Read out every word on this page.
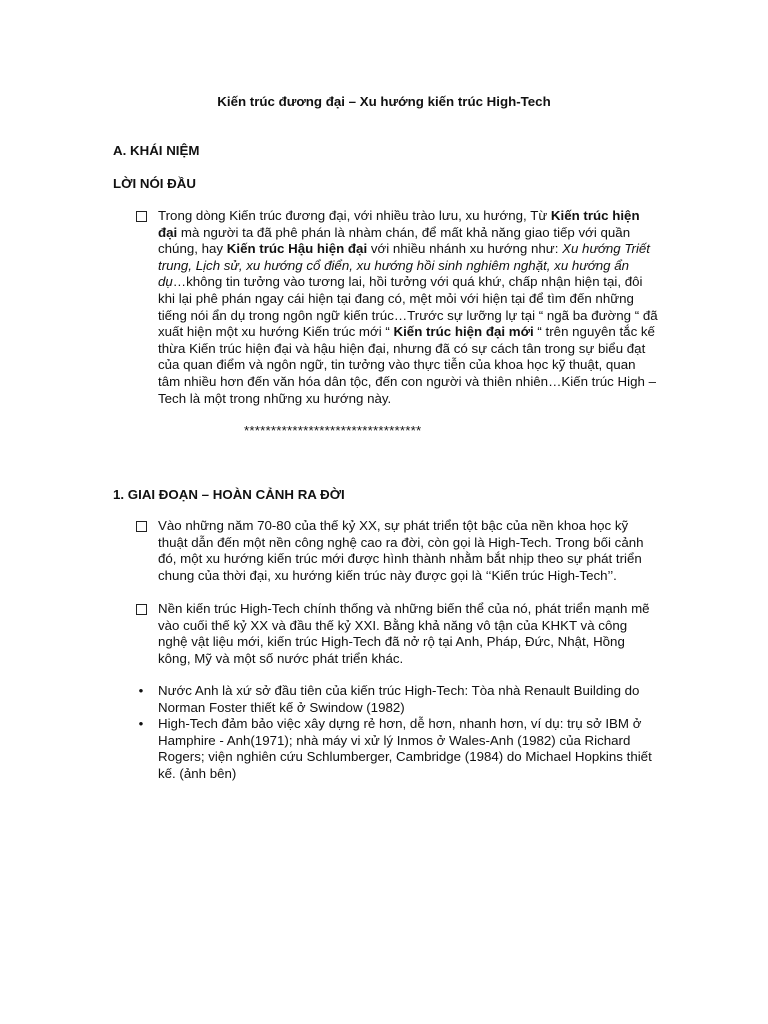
Kiến trúc đương đại – Xu hướng kiến trúc High-Tech
A. KHÁI NIỆM
LỜI NÓI ĐẦU
Trong dòng Kiến trúc đương đại, với nhiều trào lưu, xu hướng, Từ Kiến trúc hiện đại mà người ta đã phê phán là nhàm chán, để mất khả năng giao tiếp với quần chúng, hay Kiến trúc Hậu hiện đại với nhiều nhánh xu hướng như: Xu hướng Triết trung, Lịch sử, xu hướng cổ điển, xu hướng hồi sinh nghiêm nghặt, xu hướng ẩn dụ…không tin tưởng vào tương lai, hồi tưởng với quá khứ, chấp nhận hiện tại, đôi khi lại phê phán ngay cái hiện tại đang có, mệt mỏi với hiện tại để tìm đến những tiếng nói ẩn dụ trong ngôn ngữ kiến trúc…Trước sự lưỡng lự tại “ ngã ba đường “ đã xuất hiện một xu hướng Kiến trúc mới “ Kiến trúc hiện đại mới “ trên nguyên tắc kế thừa Kiến trúc hiện đại và hậu hiện đại, nhưng đã có sự cách tân trong sự biểu đạt của quan điểm và ngôn ngữ, tin tưởng vào thực tiễn của khoa học kỹ thuật, quan tâm nhiều hơn đến văn hóa dân tộc, đến con người và thiên nhiên…Kiến trúc High – Tech là một trong những xu hướng này.
*********************************
1. GIAI ĐOẠN – HOÀN CẢNH RA ĐỜI
Vào những năm 70-80 của thế kỷ XX, sự phát triển tột bậc của nền khoa học kỹ thuật dẫn đến một nền công nghệ cao ra đời, còn gọi là High-Tech. Trong bối cảnh đó, một xu hướng kiến trúc mới được hình thành nhằm bắt nhịp theo sự phát triển chung của thời đại, xu hướng kiến trúc này được gọi là ‘‘Kiến trúc High-Tech’’.
Nền kiến trúc High-Tech chính thống và những biến thể của nó, phát triển mạnh mẽ vào cuối thế kỷ XX và đầu thế kỷ XXI. Bằng khả năng vô tận của KHKT và công nghệ vật liệu mới, kiến trúc High-Tech đã nở rộ tại Anh, Pháp, Đức, Nhật, Hồng kông, Mỹ và một số nước phát triển khác.
• Nước Anh là xứ sở đầu tiên của kiến trúc High-Tech: Tòa nhà Renault Building do Norman Foster thiết kế ở Swindow (1982)
• High-Tech đảm bảo việc xây dựng rẻ hơn, dễ hơn, nhanh hơn, ví dụ: trụ sở IBM ở Hamphire - Anh(1971); nhà máy vi xử lý Inmos ở Wales-Anh (1982) của Richard Rogers; viện nghiên cứu Schlumberger, Cambridge (1984) do Michael Hopkins thiết kế. (ảnh bên)
